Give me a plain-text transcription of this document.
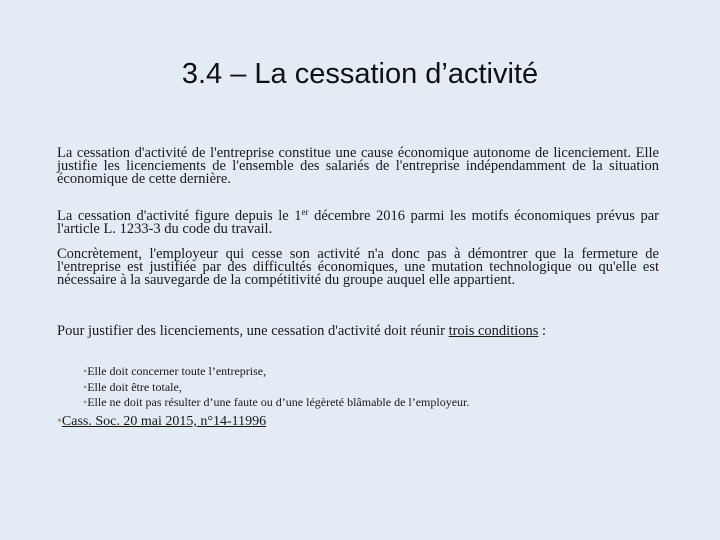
3.4 – La cessation d’activité
La cessation d'activité de l'entreprise constitue une cause économique autonome de licenciement. Elle justifie les licenciements de l'ensemble des salariés de l'entreprise indépendamment de la situation économique de cette dernière.
La cessation d'activité figure depuis le 1er décembre 2016 parmi les motifs économiques prévus par l'article L. 1233-3 du code du travail.
Concrètement, l'employeur qui cesse son activité n'a donc pas à démontrer que la fermeture de l'entreprise est justifiée par des difficultés économiques, une mutation technologique ou qu'elle est nécessaire à la sauvegarde de la compétitivité du groupe auquel elle appartient.
Pour justifier des licenciements, une cessation d'activité doit réunir trois conditions :
•Elle doit concerner toute l’entreprise,
•Elle doit être totale,
•Elle ne doit pas résulter d’une faute ou d’une légèreté blâmable de l’employeur.
•Cass. Soc. 20 mai 2015, n°14-11996
